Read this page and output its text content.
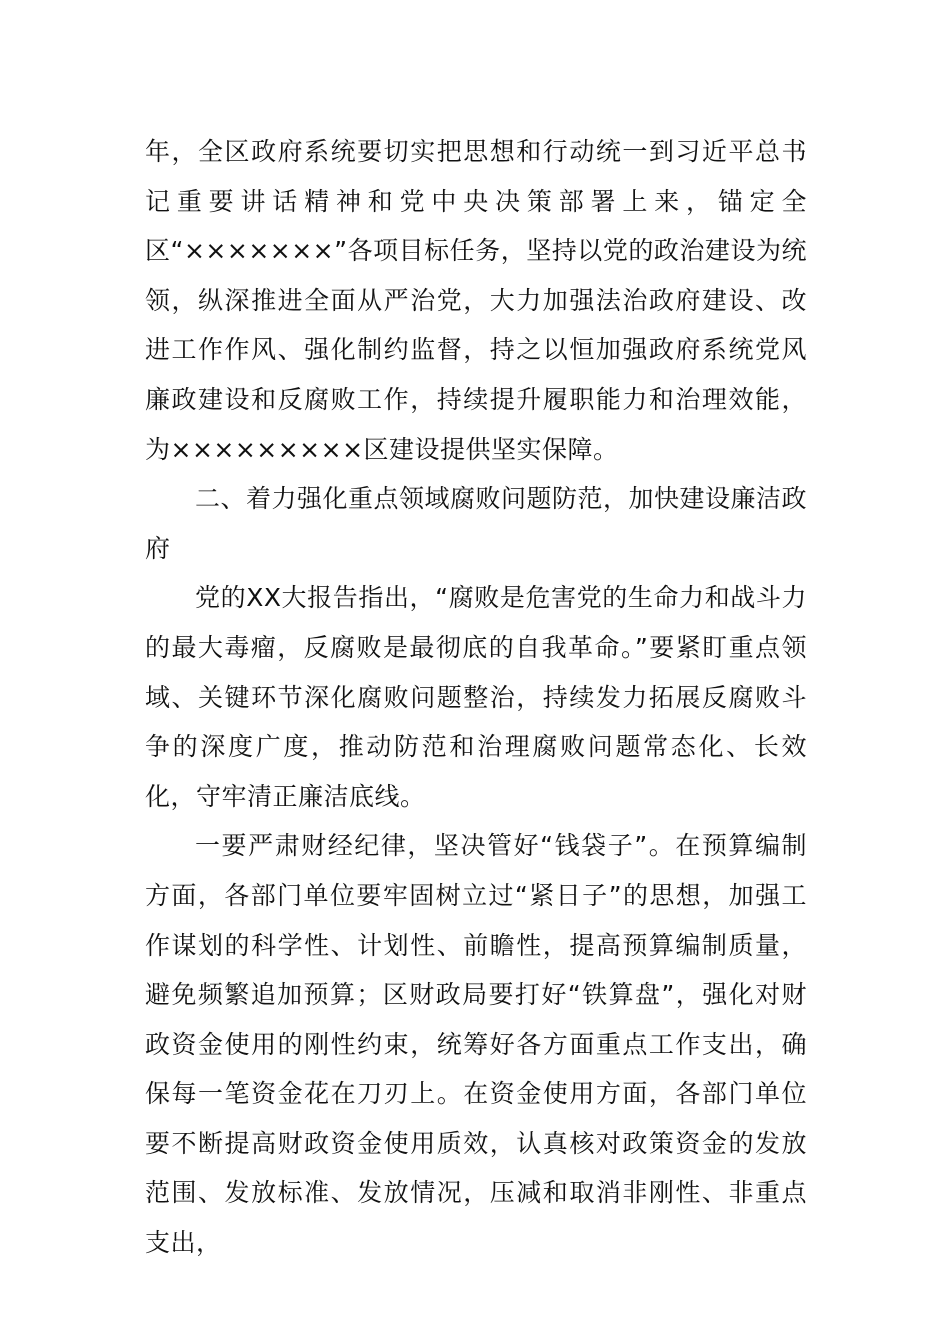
年，全区政府系统要切实把思想和行动统一到习近平总书记重要讲话精神和党中央决策部署上来，锚定全区“×××××××”各项目标任务，坚持以党的政治建设为统领，纵深推进全面从严治党，大力加强法治政府建设、改进工作作风、强化制约监督，持之以恒加强政府系统党风廉政建设和反腐败工作，持续提升履职能力和治理效能，为×××××××××区建设提供坚实保障。

二、着力强化重点领域腐败问题防范，加快建设廉洁政府

党的XX大报告指出，“腐败是危害党的生命力和战斗力的最大毒瘤，反腐败是最彻底的自我革命。”要紧盯重点领域、关键环节深化腐败问题整治，持续发力拓展反腐败斗争的深度广度，推动防范和治理腐败问题常态化、长效化，守牢清正廉洁底线。

一要严肃财经纪律，坚决管好“钱袋子”。在预算编制方面，各部门单位要牢固树立过“紧日子”的思想，加强工作谋划的科学性、计划性、前瞻性，提高预算编制质量，避免频繁追加预算；区财政局要打好“铁算盘”，强化对财政资金使用的刚性约束，统筹好各方面重点工作支出，确保每一笔资金花在刀刃上。在资金使用方面，各部门单位要不断提高财政资金使用质效，认真核对政策资金的发放范围、发放标准、发放情况，压减和取消非刚性、非重点支出，
